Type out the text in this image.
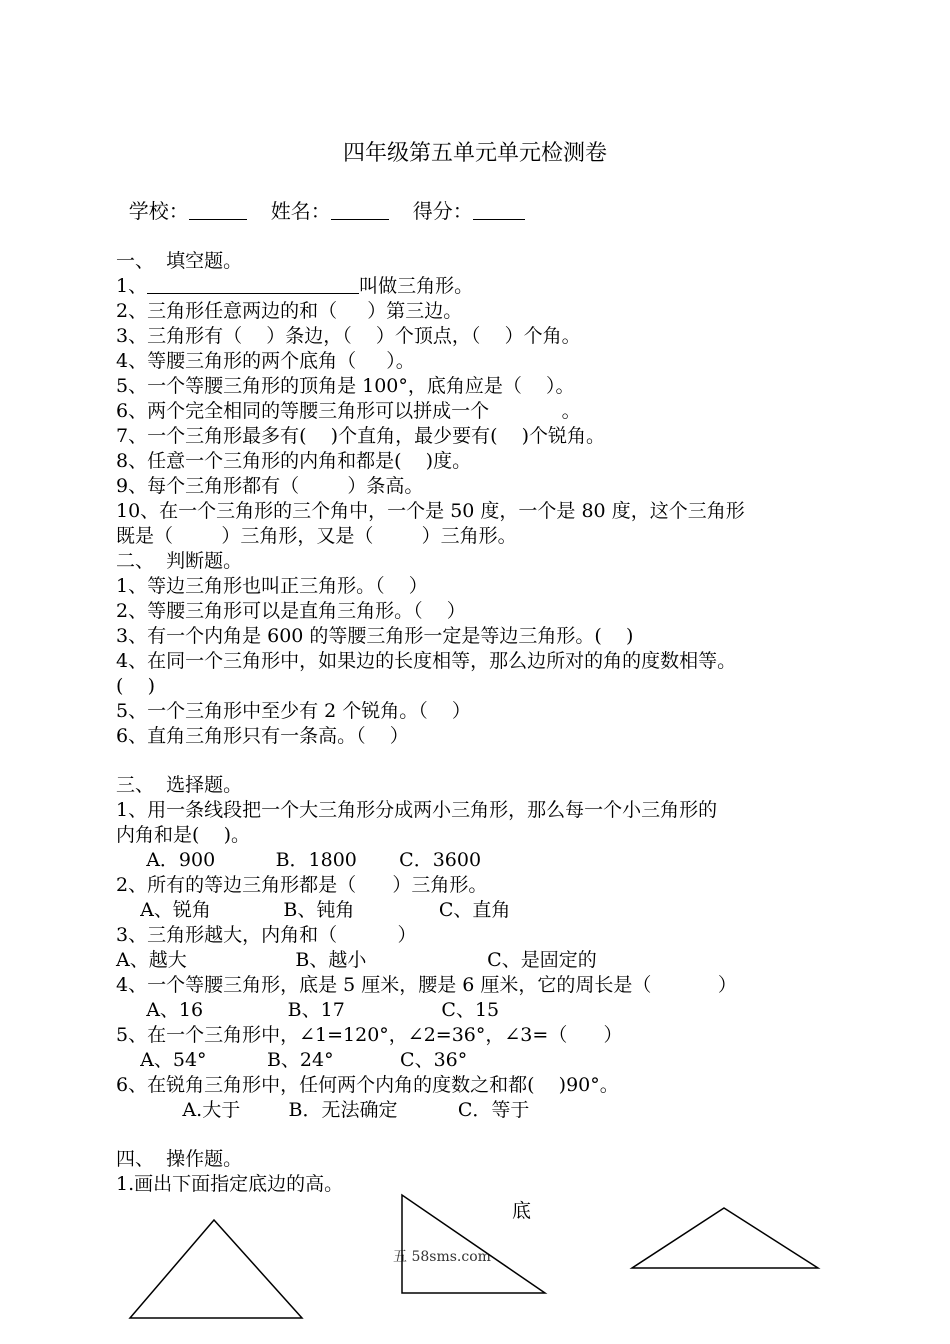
四年级第五单元单元检测卷

学校：	姓名：	得分：

一、  填空题。
1、	叫做三角形。
2、三角形任意两边的和（     ）第三边。
3、三角形有（    ）条边，（    ）个顶点，（    ）个角。
4、等腰三角形的两个底角（     ）。
5、一个等腰三角形的顶角是 100°，底角应是（    ）。
6、两个完全相同的等腰三角形可以拼成一个            。
7、一个三角形最多有(    )个直角，最少要有(    )个锐角。
8、任意一个三角形的内角和都是(    )度。
9、每个三角形都有（        ）条高。
10、在一个三角形的三个角中，一个是 50 度，一个是 80 度，这个三角形
既是（        ）三角形，又是（        ）三角形。
二、  判断题。
1、等边三角形也叫正三角形。（    ）
2、等腰三角形可以是直角三角形。（    ）
3、有一个内角是 600 的等腰三角形一定是等边三角形。(    )
4、在同一个三角形中，如果边的长度相等，那么边所对的角的度数相等。
(    )
5、一个三角形中至少有 2 个锐角。（    ）
6、直角三角形只有一条高。（    ）
三、  选择题。
1、用一条线段把一个大三角形分成两小三角形，那么每一个小三角形的
内角和是(    )。
A．900          B．1800       C．3600
2、所有的等边三角形都是（      ）三角形。
A、锐角            B、钝角              C、直角
3、三角形越大，内角和（          ）
A、越大                  B、越小                    C、是固定的
4、一个等腰三角形，底是 5 厘米，腰是 6 厘米，它的周长是（           ）
A、16              B、17                C、15
5、在一个三角形中，∠1=120°，∠2=36°，∠3=（      ）
A、54°          B、24°           C、36°
6、在锐角三角形中，任何两个内角的度数之和都(    )90°。
A.大于        B．无法确定          C．等于
四、  操作题。
1.画出下面指定底边的高。
底
五 58sms.com
